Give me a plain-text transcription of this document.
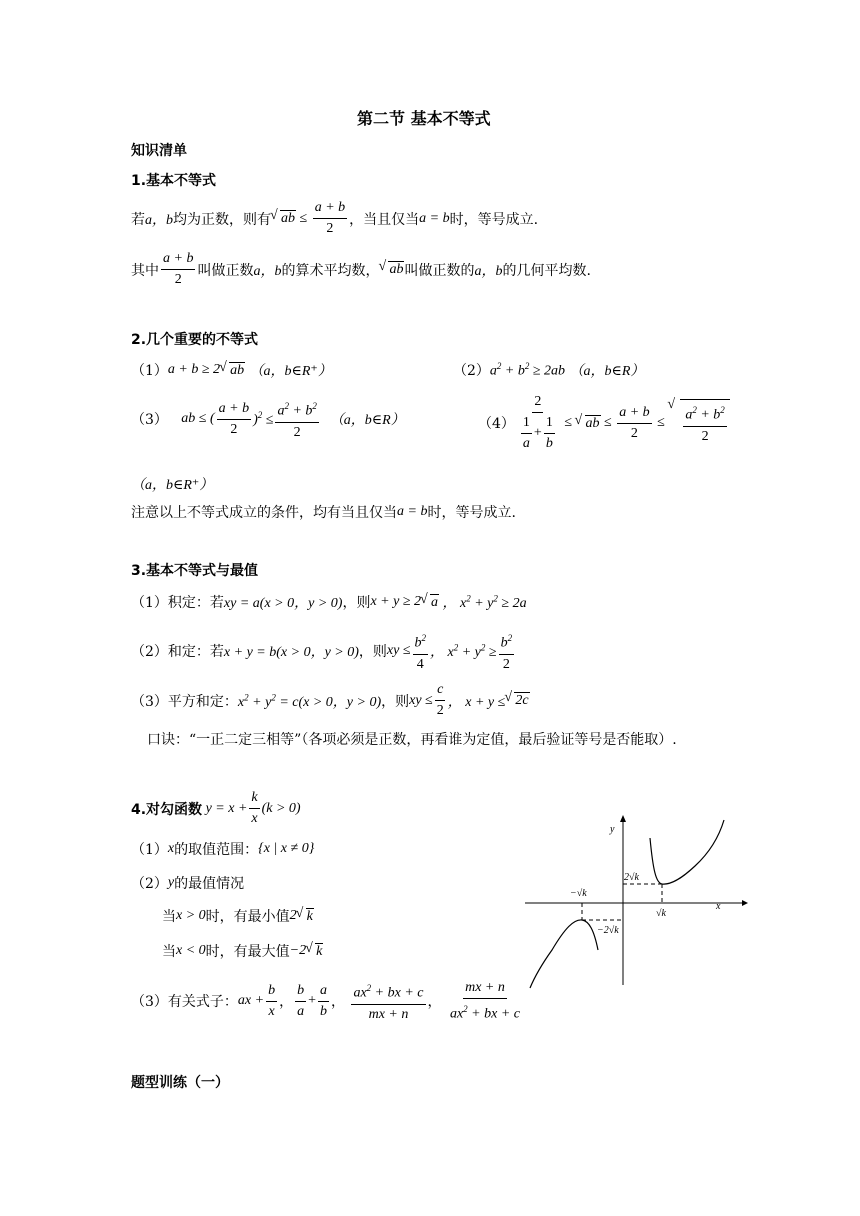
第二节 基本不等式
知识清单
1.基本不等式
若 a，b 均为正数，则有 √ ab ≤ $\frac{a + b}{2}$ ，当且仅当 a = b 时，等号成立.
其中 $\frac{a + b}{2}$ 叫做正数 a，b 的算术平均数， √ ab 叫做正数的 a，b 的几何平均数.
2.几个重要的不等式
（1） a + b ≥ 2 √ ab
（a，b∈R⁺）	（2） $a^2 + b^2 \ge 2ab$
（a，b∈R）
（3）
ab ≤ ( $\frac{a + b}{2} )^2 \le \frac{a^2 + b^2}{2}$
（a，b∈R）	$(4) \frac{2}{\frac{1}{a} + \frac{1}{b}}$ ≤ √ ab ≤ $\frac{a + b}{2}$ ≤ √ $\frac{a^2 + b^2}{2}$
（a，b∈R⁺）
注意以上不等式成立的条件，均有当且仅当 a = b 时，等号成立.
3.基本不等式与最值
（1）积定：若 xy = a(x > 0，y > 0) ，则 x + y ≥ 2 √ a ， $x^2 + y^2 \ge 2a$
（2）和定：若 x + y = b(x > 0，y > 0) ，则 xy ≤ $\frac{b^2}{4}$ ， $x^2 + y^2 \ge \frac{b^2}{2}$
（3）平方和定： $x^2 + y^2 = c(x > 0$，y > 0) ，则 xy ≤ $\frac{c}{2}$ ， x + y ≤ √ 2c
口诀：“一正二定三相等”（各项必须是正数，再看谁为定值，最后验证等号是否能取）.
4.对勾函数 $y = x + \frac{k}{x} (k > 0)$
（1） x 的取值范围： {x | x ≠ 0}
（2） y 的最值情况
当 x > 0 时，有最小值 2 √ k
当 x < 0 时，有最大值 −2 √ k
（3）有关式子： ax + $\frac{b}{x}$ ， $\frac{b}{a} + \frac{a}{b}$ ， $\frac{ax^2 + bx + c}{mx + n}$ ， $\frac{mx + n}{ax^2 + bx + c}$
x
y
−√k
2√k
√k
−2√k
题型训练（一）
